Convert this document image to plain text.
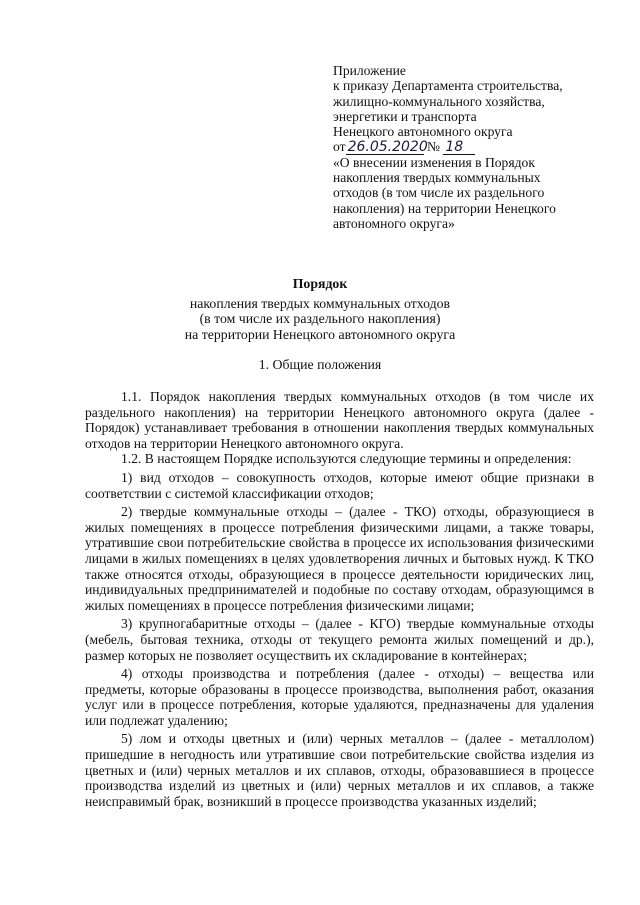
Приложение
к приказу Департамента строительства,
жилищно-коммунального хозяйства,
энергетики и транспорта
Ненецкого автономного округа
от 26.05.2020 № 18
«О внесении изменения в Порядок
накопления твердых коммунальных
отходов (в том числе их раздельного
накопления) на территории Ненецкого
автономного округа»
Порядок
накопления твердых коммунальных отходов
(в том числе их раздельного накопления)
на территории Ненецкого автономного округа
1. Общие положения

1.1. Порядок накопления твердых коммунальных отходов (в том числе их раздельного накопления) на территории Ненецкого автономного округа (далее - Порядок) устанавливает требования в отношении накопления твердых коммунальных отходов на территории Ненецкого автономного округа.

1.2. В настоящем Порядке используются следующие термины и определения:

1) вид отходов – совокупность отходов, которые имеют общие признаки в соответствии с системой классификации отходов;

2) твердые коммунальные отходы – (далее - ТКО) отходы, образующиеся в жилых помещениях в процессе потребления физическими лицами, а также товары, утратившие свои потребительские свойства в процессе их использования физическими лицами в жилых помещениях в целях удовлетворения личных и бытовых нужд. К ТКО также относятся отходы, образующиеся в процессе деятельности юридических лиц, индивидуальных предпринимателей и подобные по составу отходам, образующимся в жилых помещениях в процессе потребления физическими лицами;

3) крупногабаритные отходы – (далее - КГО) твердые коммунальные отходы (мебель, бытовая техника, отходы от текущего ремонта жилых помещений и др.), размер которых не позволяет осуществить их складирование в контейнерах;

4) отходы производства и потребления (далее - отходы) – вещества или предметы, которые образованы в процессе производства, выполнения работ, оказания услуг или в процессе потребления, которые удаляются, предназначены для удаления или подлежат удалению;

5) лом и отходы цветных и (или) черных металлов – (далее - металлолом) пришедшие в негодность или утратившие свои потребительские свойства изделия из цветных и (или) черных металлов и их сплавов, отходы, образовавшиеся в процессе производства изделий из цветных и (или) черных металлов и их сплавов, а также неисправимый брак, возникший в процессе производства указанных изделий;
